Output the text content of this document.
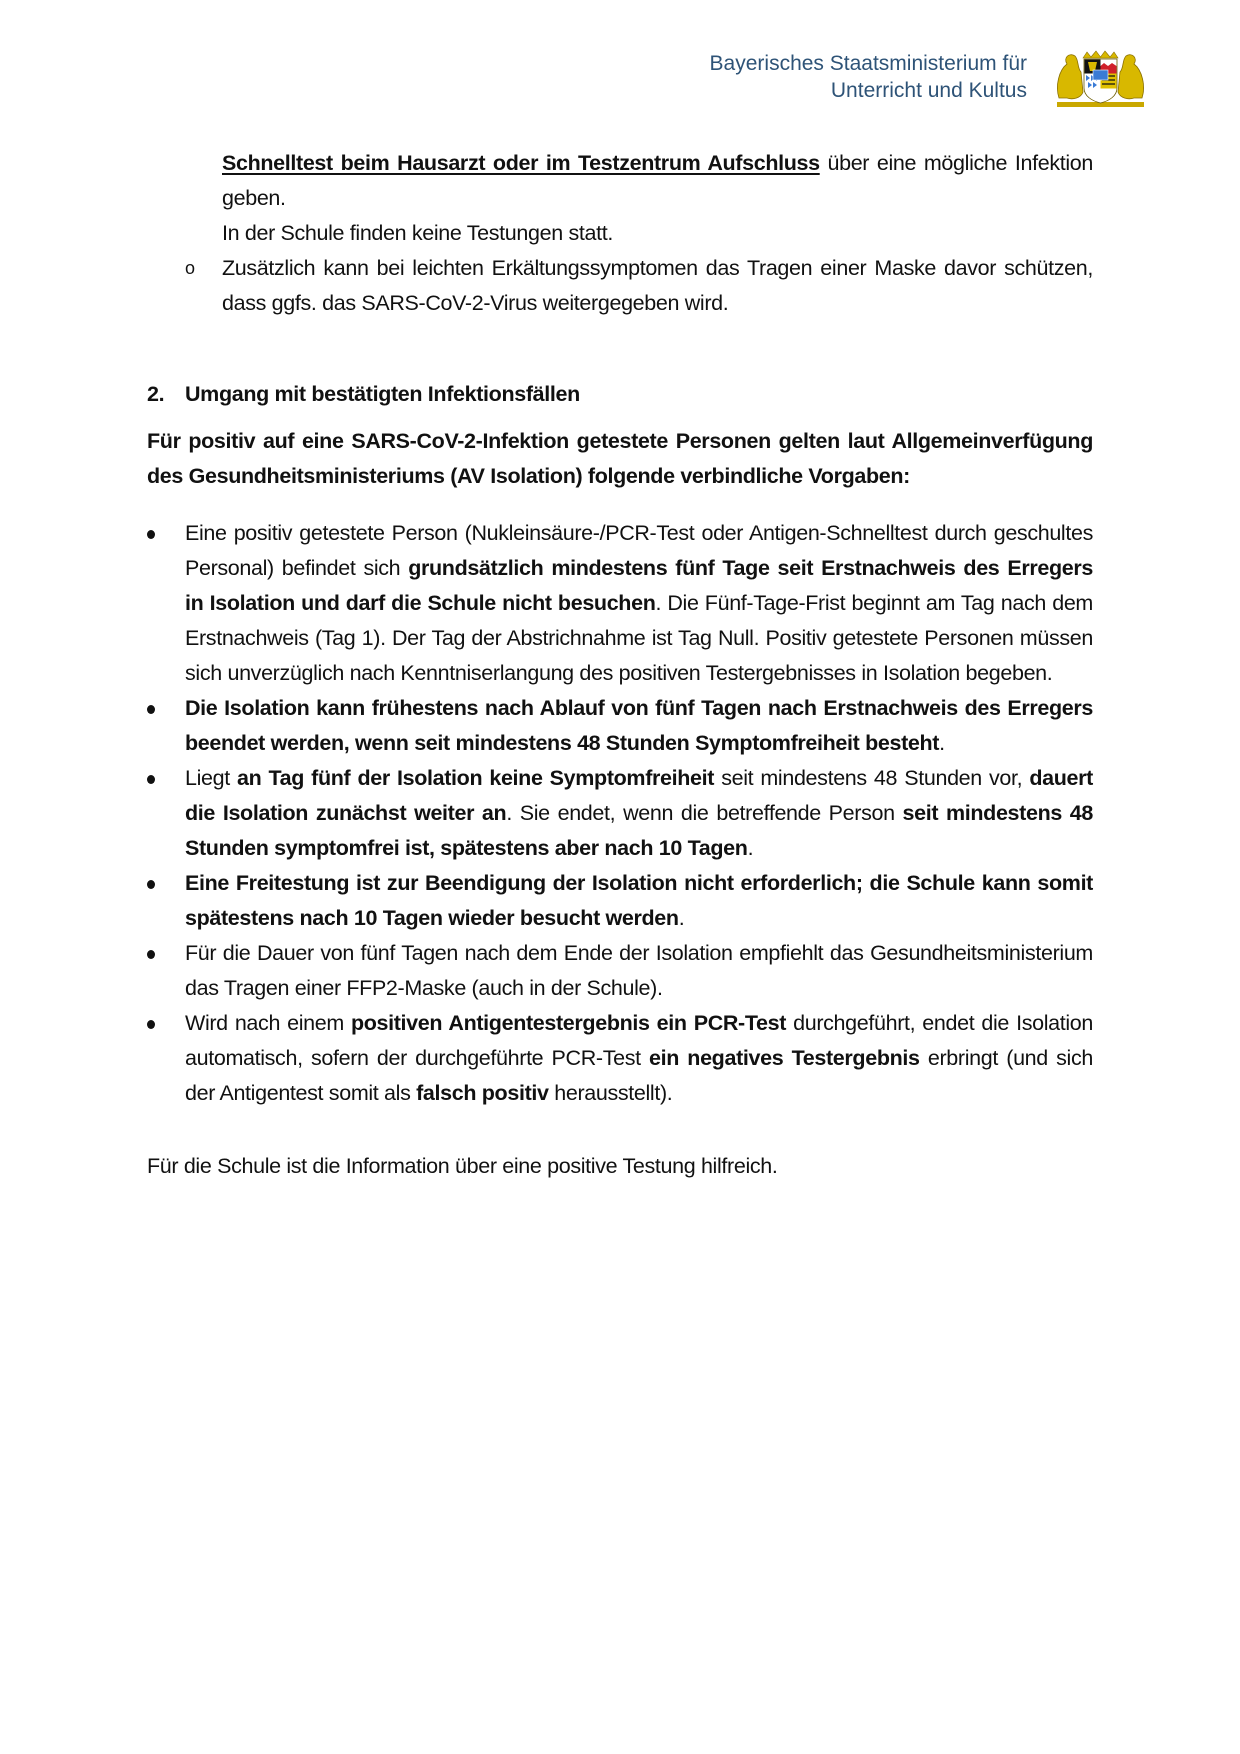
Bayerisches Staatsministerium für
Unterricht und Kultus

Schnelltest beim Hausarzt oder im Testzentrum Aufschluss über eine mögliche Infektion geben.

In der Schule finden keine Testungen statt.

o Zusätzlich kann bei leichten Erkältungssymptomen das Tragen einer Maske davor schützen, dass ggfs. das SARS-CoV-2-Virus weitergegeben wird.
2. Umgang mit bestätigten Infektionsfällen

Für positiv auf eine SARS-CoV-2-Infektion getestete Personen gelten laut Allgemeinverfügung des Gesundheitsministeriums (AV Isolation) folgende verbindliche Vorgaben:

Eine positiv getestete Person (Nukleinsäure-/PCR-Test oder Antigen-Schnelltest durch geschultes Personal) befindet sich grundsätzlich mindestens fünf Tage seit Erstnachweis des Erregers in Isolation und darf die Schule nicht besuchen. Die Fünf-Tage-Frist beginnt am Tag nach dem Erstnachweis (Tag 1). Der Tag der Abstrichnahme ist Tag Null. Positiv getestete Personen müssen sich unverzüglich nach Kenntniserlangung des positiven Testergebnisses in Isolation begeben.
Die Isolation kann frühestens nach Ablauf von fünf Tagen nach Erstnachweis des Erregers beendet werden, wenn seit mindestens 48 Stunden Symptomfreiheit besteht.
Liegt an Tag fünf der Isolation keine Symptomfreiheit seit mindestens 48 Stunden vor, dauert die Isolation zunächst weiter an. Sie endet, wenn die betreffende Person seit mindestens 48 Stunden symptomfrei ist, spätestens aber nach 10 Tagen.
Eine Freitestung ist zur Beendigung der Isolation nicht erforderlich; die Schule kann somit spätestens nach 10 Tagen wieder besucht werden.
Für die Dauer von fünf Tagen nach dem Ende der Isolation empfiehlt das Gesundheitsministerium das Tragen einer FFP2-Maske (auch in der Schule).
Wird nach einem positiven Antigentestergebnis ein PCR-Test durchgeführt, endet die Isolation automatisch, sofern der durchgeführte PCR-Test ein negatives Testergebnis erbringt (und sich der Antigentest somit als falsch positiv herausstellt).

Für die Schule ist die Information über eine positive Testung hilfreich.
